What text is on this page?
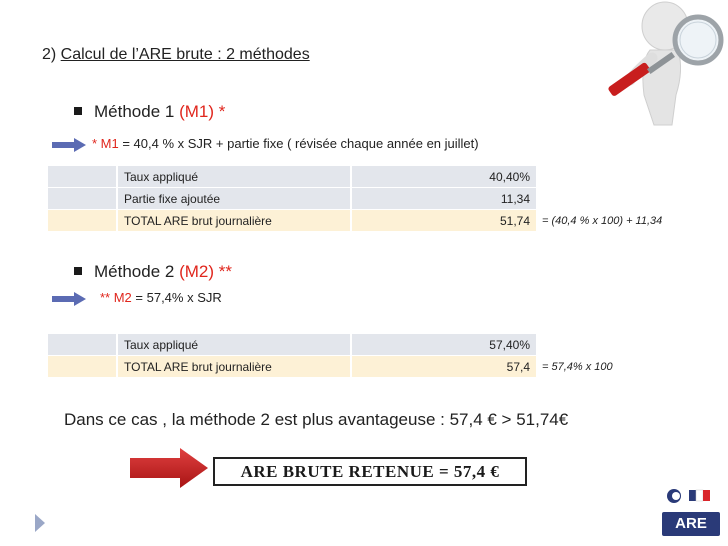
2) Calcul de l’ARE brute : 2 méthodes
Méthode 1 (M1) *
* M1 = 40,4 % x SJR + partie fixe ( révisée chaque année en juillet)
		Taux appliqué		40,40%	
		Partie fixe ajoutée		11,34	
		TOTAL ARE brut journalière		51,74	= (40,4 % x 100) + 11,34
Méthode 2 (M2) **
** M2 = 57,4% x SJR
		Taux appliqué		57,40%	
		TOTAL ARE brut journalière		57,4	= 57,4% x 100
Dans ce cas , la méthode 2 est plus avantageuse : 57,4 € > 51,74€
ARE BRUTE RETENUE = 57,4 €
ARE
